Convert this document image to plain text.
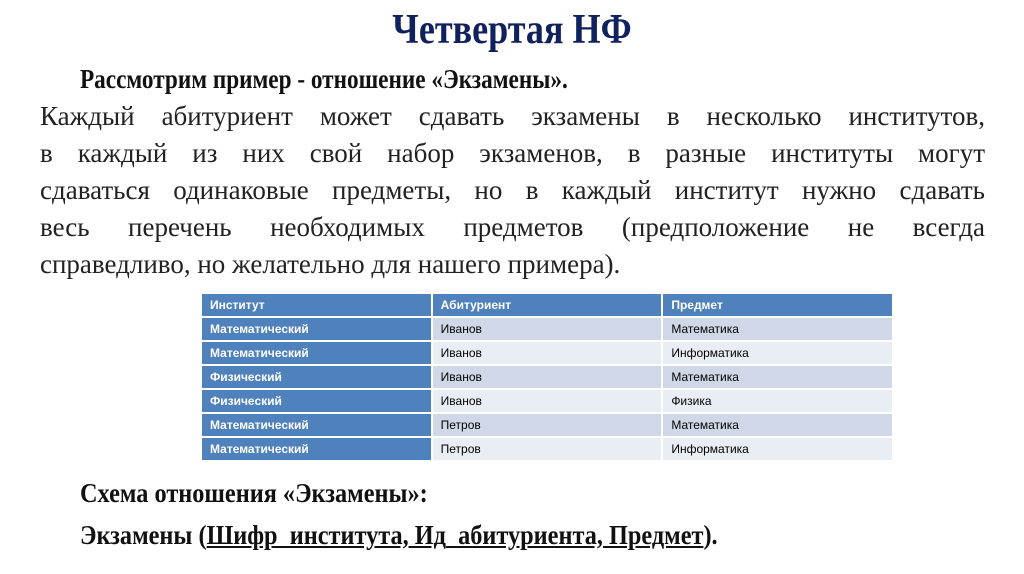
Четвертая НФ
Рассмотрим пример - отношение «Экзамены».
Каждый абитуриент может сдавать экзамены в несколько институтов,
в каждый из них свой набор экзаменов, в разные институты могут
сдаваться одинаковые предметы, но в каждый институт нужно сдавать
весь перечень необходимых предметов (предположение не всегда
справедливо, но желательно для нашего примера).
Институт	Абитуриент	Предмет
Математический	Иванов	Математика
Математический	Иванов	Информатика
Физический	Иванов	Математика
Физический	Иванов	Физика
Математический	Петров	Математика
Математический	Петров	Информатика
Схема отношения «Экзамены»:
Экзамены (Шифр_института, Ид_абитуриента, Предмет).
